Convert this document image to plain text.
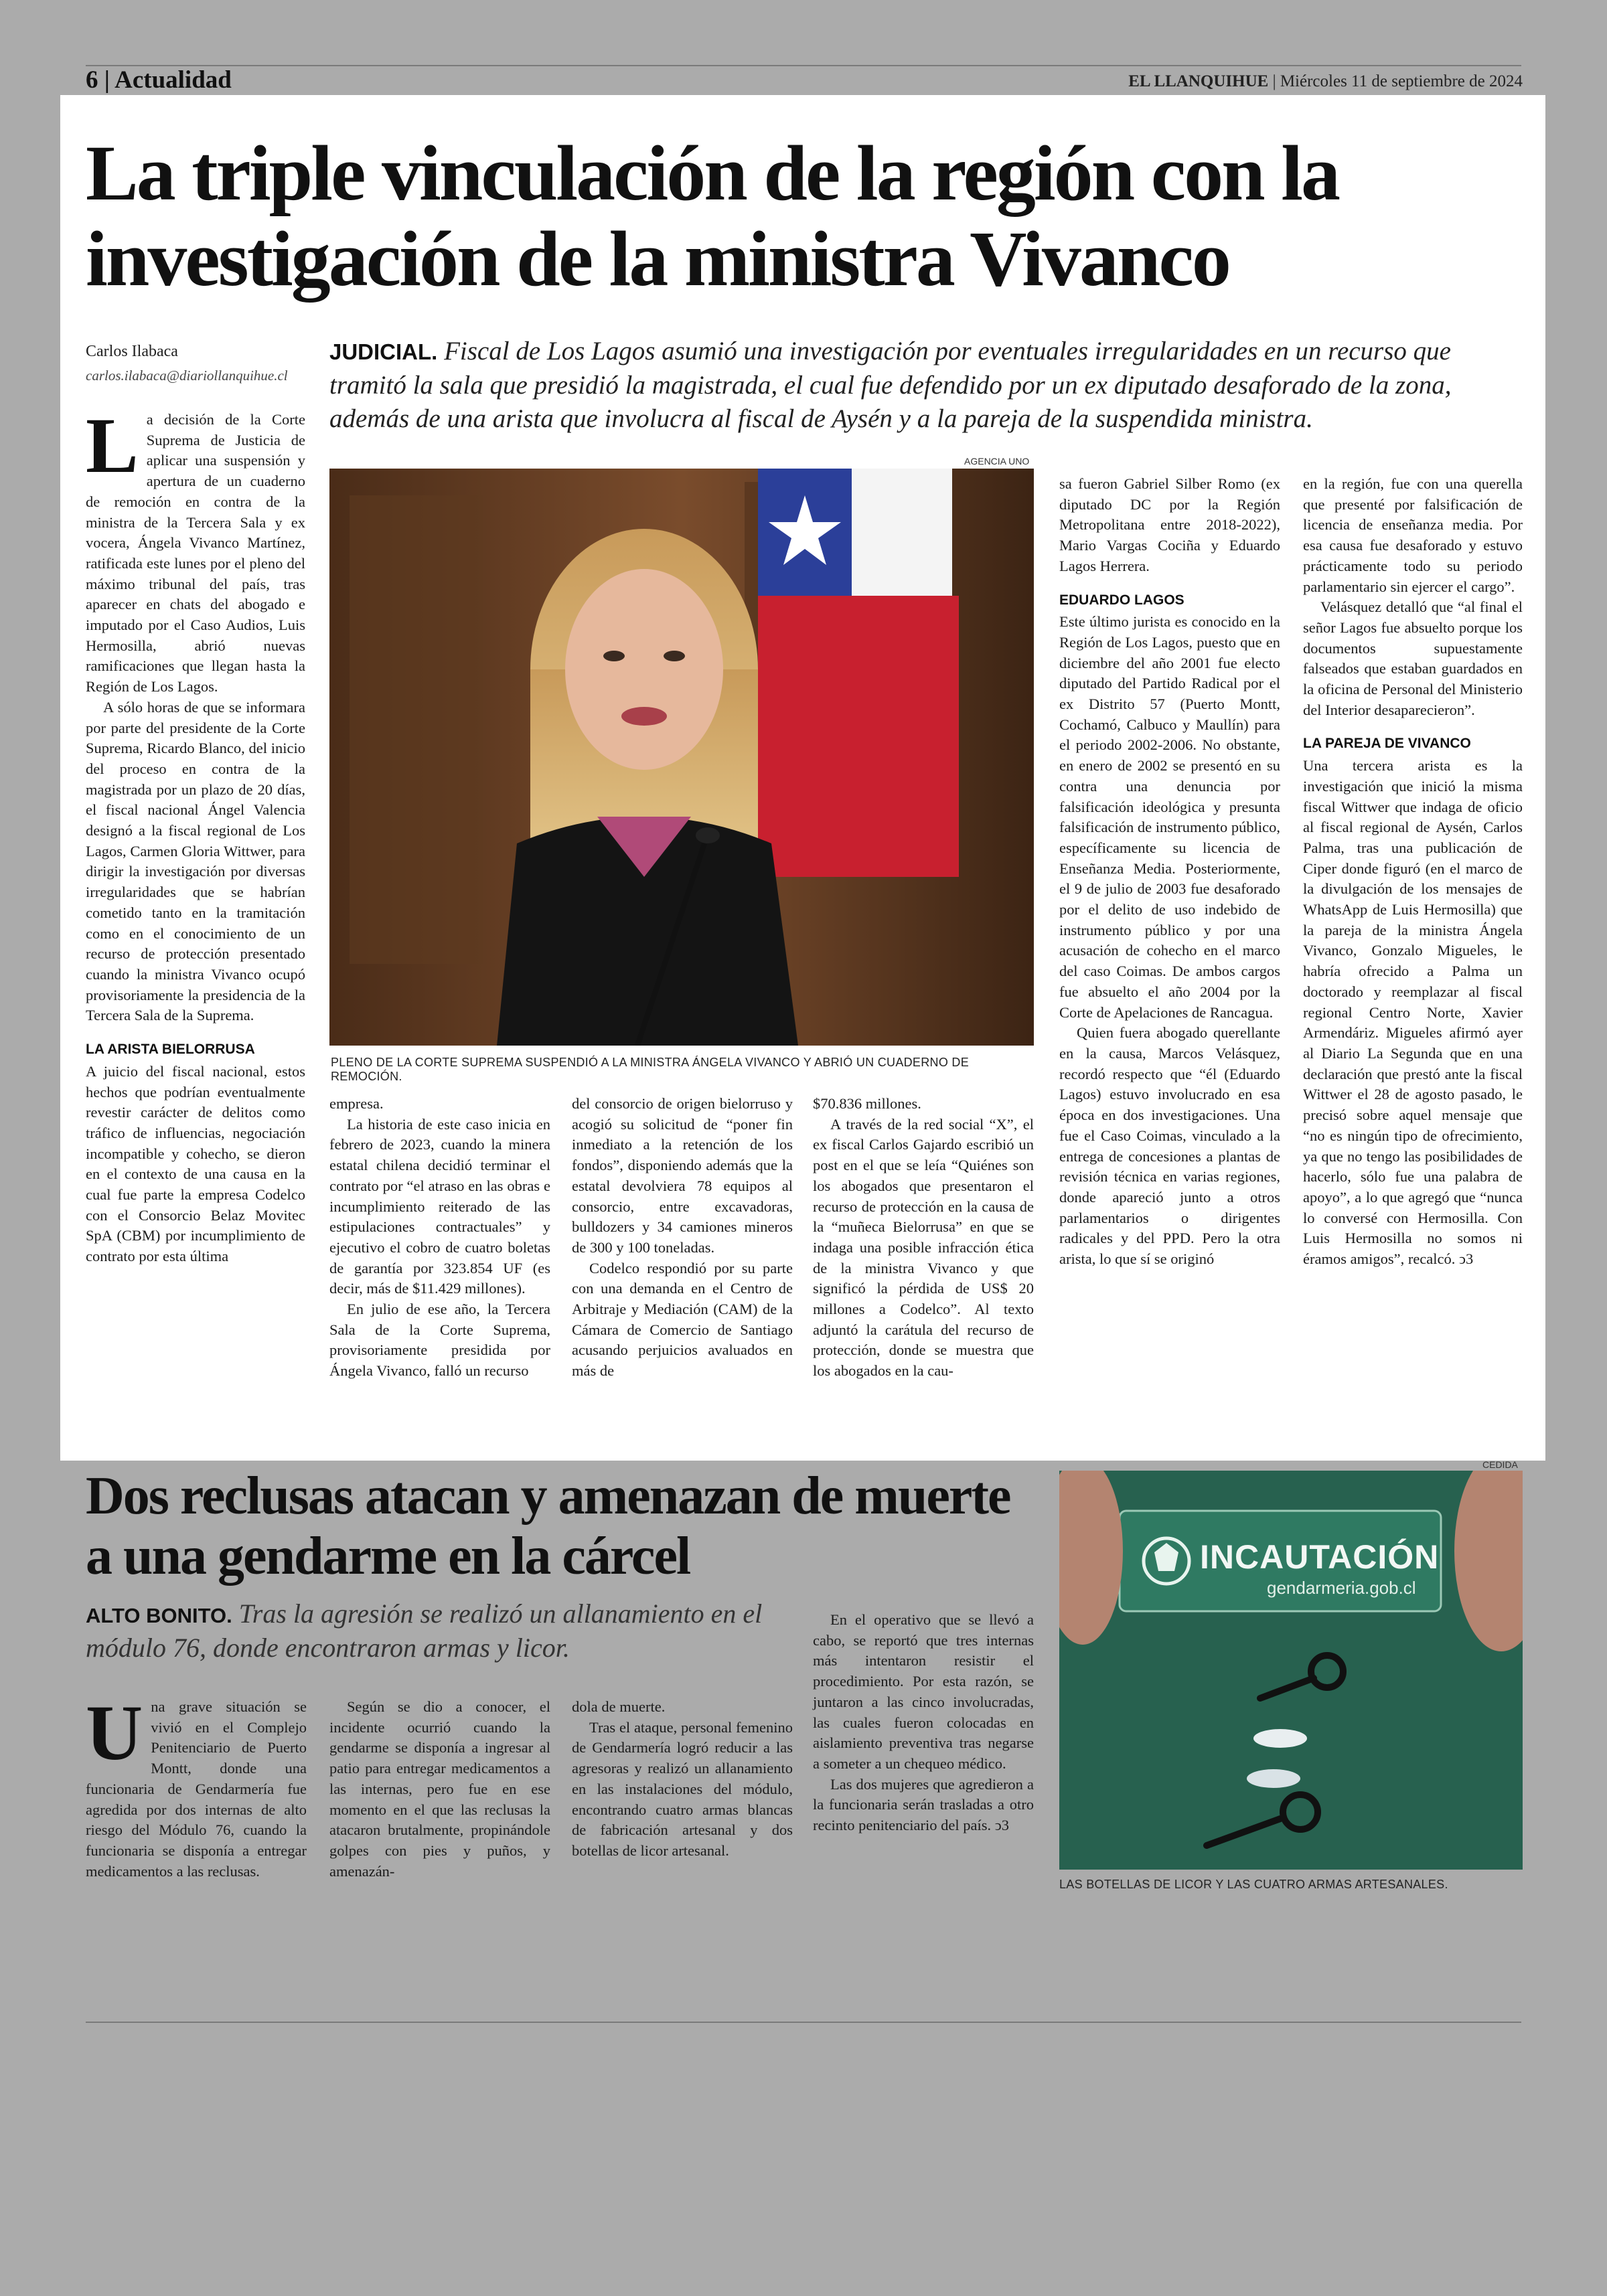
6 | Actualidad	EL LLANQUIHUE | Miércoles 11 de septiembre de 2024
La triple vinculación de la región con la investigación de la ministra Vivanco
Carlos Ilabaca
carlos.ilabaca@diariollanquihue.cl
JUDICIAL. Fiscal de Los Lagos asumió una investigación por eventuales irregularidades en un recurso que tramitó la sala que presidió la magistrada, el cual fue defendido por un ex diputado desaforado de la zona, además de una arista que involucra al fiscal de Aysén y a la pareja de la suspendida ministra.

La decisión de la Corte Suprema de Justicia de aplicar una suspensión y apertura de un cuaderno de remoción en contra de la ministra de la Tercera Sala y ex vocera, Ángela Vivanco Martínez, ratificada este lunes por el pleno del máximo tribunal del país, tras aparecer en chats del abogado e imputado por el Caso Audios, Luis Hermosilla, abrió nuevas ramificaciones que llegan hasta la Región de Los Lagos.

A sólo horas de que se informara por parte del presidente de la Corte Suprema, Ricardo Blanco, del inicio del proceso en contra de la magistrada por un plazo de 20 días, el fiscal nacional Ángel Valencia designó a la fiscal regional de Los Lagos, Carmen Gloria Wittwer, para dirigir la investigación por diversas irregularidades que se habrían cometido tanto en la tramitación como en el conocimiento de un recurso de protección presentado cuando la ministra Vivanco ocupó provisoriamente la presidencia de la Tercera Sala de la Suprema.

LA ARISTA BIELORRUSA

A juicio del fiscal nacional, estos hechos que podrían eventualmente revestir carácter de delitos como tráfico de influencias, negociación incompatible y cohecho, se dieron en el contexto de una causa en la cual fue parte la empresa Codelco con el Consorcio Belaz Movitec SpA (CBM) por incumplimiento de contrato por esta última

AGENCIA UNO
PLENO DE LA CORTE SUPREMA SUSPENDIÓ A LA MINISTRA ÁNGELA VIVANCO Y ABRIÓ UN CUADERNO DE REMOCIÓN.

empresa.

La historia de este caso inicia en febrero de 2023, cuando la minera estatal chilena decidió terminar el contrato por “el atraso en las obras e incumplimiento reiterado de las estipulaciones contractuales” y ejecutivo el cobro de cuatro boletas de garantía por 323.854 UF (es decir, más de $11.429 millones).

En julio de ese año, la Tercera Sala de la Corte Suprema, provisoriamente presidida por Ángela Vivanco, falló un recurso

del consorcio de origen bielorruso y acogió su solicitud de “poner fin inmediato a la retención de los fondos”, disponiendo además que la estatal devolviera 78 equipos al consorcio, entre excavadoras, bulldozers y 34 camiones mineros de 300 y 100 toneladas.

Codelco respondió por su parte con una demanda en el Centro de Arbitraje y Mediación (CAM) de la Cámara de Comercio de Santiago acusando perjuicios avaluados en más de

$70.836 millones.

A través de la red social “X”, el ex fiscal Carlos Gajardo escribió un post en el que se leía “Quiénes son los abogados que presentaron el recurso de protección en la causa de la “muñeca Bielorrusa” en que se indaga una posible infracción ética de la ministra Vivanco y que significó la pérdida de US$ 20 millones a Codelco”. Al texto adjuntó la carátula del recurso de protección, donde se muestra que los abogados en la cau-

sa fueron Gabriel Silber Romo (ex diputado DC por la Región Metropolitana entre 2018-2022), Mario Vargas Cociña y Eduardo Lagos Herrera.

EDUARDO LAGOS

Este último jurista es conocido en la Región de Los Lagos, puesto que en diciembre del año 2001 fue electo diputado del Partido Radical por el ex Distrito 57 (Puerto Montt, Cochamó, Calbuco y Maullín) para el periodo 2002-2006. No obstante, en enero de 2002 se presentó en su contra una denuncia por falsificación ideológica y presunta falsificación de instrumento público, específicamente su licencia de Enseñanza Media. Posteriormente, el 9 de julio de 2003 fue desaforado por el delito de uso indebido de instrumento público y por una acusación de cohecho en el marco del caso Coimas. De ambos cargos fue absuelto el año 2004 por la Corte de Apelaciones de Rancagua.

Quien fuera abogado querellante en la causa, Marcos Velásquez, recordó respecto que “él (Eduardo Lagos) estuvo involucrado en esa época en dos investigaciones. Una fue el Caso Coimas, vinculado a la entrega de concesiones a plantas de revisión técnica en varias regiones, donde apareció junto a otros parlamentarios o dirigentes radicales y del PPD. Pero la otra arista, lo que sí se originó

en la región, fue con una querella que presenté por falsificación de licencia de enseñanza media. Por esa causa fue desaforado y estuvo prácticamente todo su periodo parlamentario sin ejercer el cargo”.

Velásquez detalló que “al final el señor Lagos fue absuelto porque los documentos supuestamente falseados que estaban guardados en la oficina de Personal del Ministerio del Interior desaparecieron”.

LA PAREJA DE VIVANCO

Una tercera arista es la investigación que inició la misma fiscal Wittwer que indaga de oficio al fiscal regional de Aysén, Carlos Palma, tras una publicación de Ciper donde figuró (en el marco de la divulgación de los mensajes de WhatsApp de Luis Hermosilla) que la pareja de la ministra Ángela Vivanco, Gonzalo Migueles, le habría ofrecido a Palma un doctorado y reemplazar al fiscal regional Centro Norte, Xavier Armendáriz. Migueles afirmó ayer al Diario La Segunda que en una declaración que prestó ante la fiscal Wittwer el 28 de agosto pasado, le precisó sobre aquel mensaje que “no es ningún tipo de ofrecimiento, ya que no tengo las posibilidades de hacerlo, sólo fue una palabra de apoyo”, a lo que agregó que “nunca lo conversé con Hermosilla. Con Luis Hermosilla no somos ni éramos amigos”, recalcó. ↄ3

Dos reclusas atacan y amenazan de muerte a una gendarme en la cárcel
ALTO BONITO. Tras la agresión se realizó un allanamiento en el módulo 76, donde encontraron armas y licor.

Una grave situación se vivió en el Complejo Penitenciario de Puerto Montt, donde una funcionaria de Gendarmería fue agredida por dos internas de alto riesgo del Módulo 76, cuando la funcionaria se disponía a entregar medicamentos a las reclusas.

Según se dio a conocer, el incidente ocurrió cuando la gendarme se disponía a ingresar al patio para entregar medicamentos a las internas, pero fue en ese momento en el que las reclusas la atacaron brutalmente, propinándole golpes con pies y puños, y amenazán-

dola de muerte.

Tras el ataque, personal femenino de Gendarmería logró reducir a las agresoras y realizó un allanamiento en las instalaciones del módulo, encontrando cuatro armas blancas de fabricación artesanal y dos botellas de licor artesanal.

En el operativo que se llevó a cabo, se reportó que tres internas más intentaron resistir el procedimiento. Por esta razón, se juntaron a las cinco involucradas, las cuales fueron colocadas en aislamiento preventiva tras negarse a someter a un chequeo médico.

Las dos mujeres que agredieron a la funcionaria serán trasladas a otro recinto penitenciario del país. ↄ3

CEDIDA
INCAUTACIÓN
gendarmeria.gob.cl
LAS BOTELLAS DE LICOR Y LAS CUATRO ARMAS ARTESANALES.
